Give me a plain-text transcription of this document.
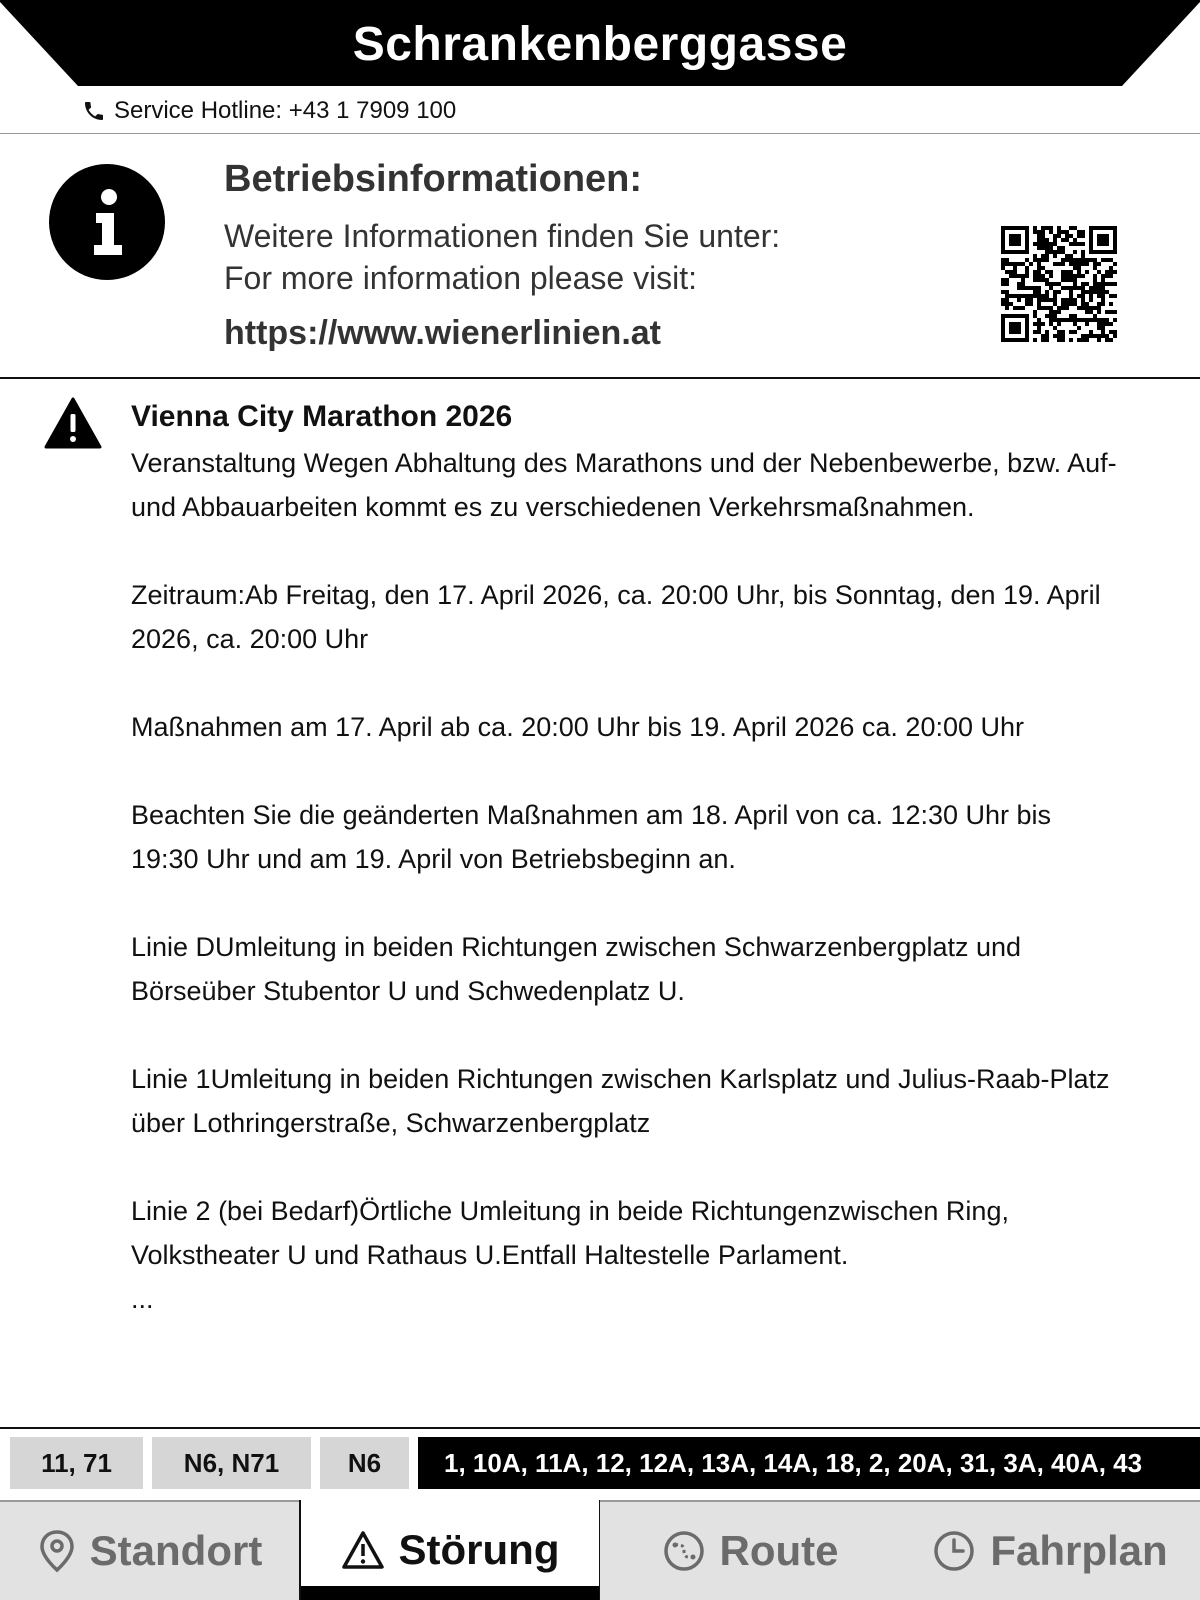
Schrankenberggasse
Service Hotline: +43 1 7909 100
Betriebsinformationen:
Weitere Informationen finden Sie unter:
For more information please visit:
https://www.wienerlinien.at
Vienna City Marathon 2026

Veranstaltung Wegen Abhaltung des Marathons und der Nebenbewerbe, bzw. Auf- und Abbauarbeiten kommt es zu verschiedenen Verkehrsmaßnahmen.

Zeitraum:Ab Freitag, den 17. April 2026, ca. 20:00 Uhr, bis Sonntag, den 19. April 2026, ca. 20:00 Uhr

Maßnahmen am 17. April ab ca. 20:00 Uhr bis 19. April 2026 ca. 20:00 Uhr

Beachten Sie die geänderten Maßnahmen am 18. April von ca. 12:30 Uhr bis 19:30 Uhr und am 19. April von Betriebsbeginn an.

Linie DUmleitung in beiden Richtungen zwischen Schwarzenbergplatz und Börseüber Stubentor U und Schwedenplatz U.

Linie 1Umleitung in beiden Richtungen zwischen Karlsplatz und Julius-Raab-Platz über Lothringerstraße, Schwarzenbergplatz

Linie 2 (bei Bedarf)Örtliche Umleitung in beide Richtungenzwischen Ring, Volkstheater U und Rathaus U.Entfall Haltestelle Parlament.
...

11, 71	N6, N71	N6	1, 10A, 11A, 12, 12A, 13A, 14A, 18, 2, 20A, 31, 3A, 40A, 43
Standort	Störung	Route	Fahrplan
